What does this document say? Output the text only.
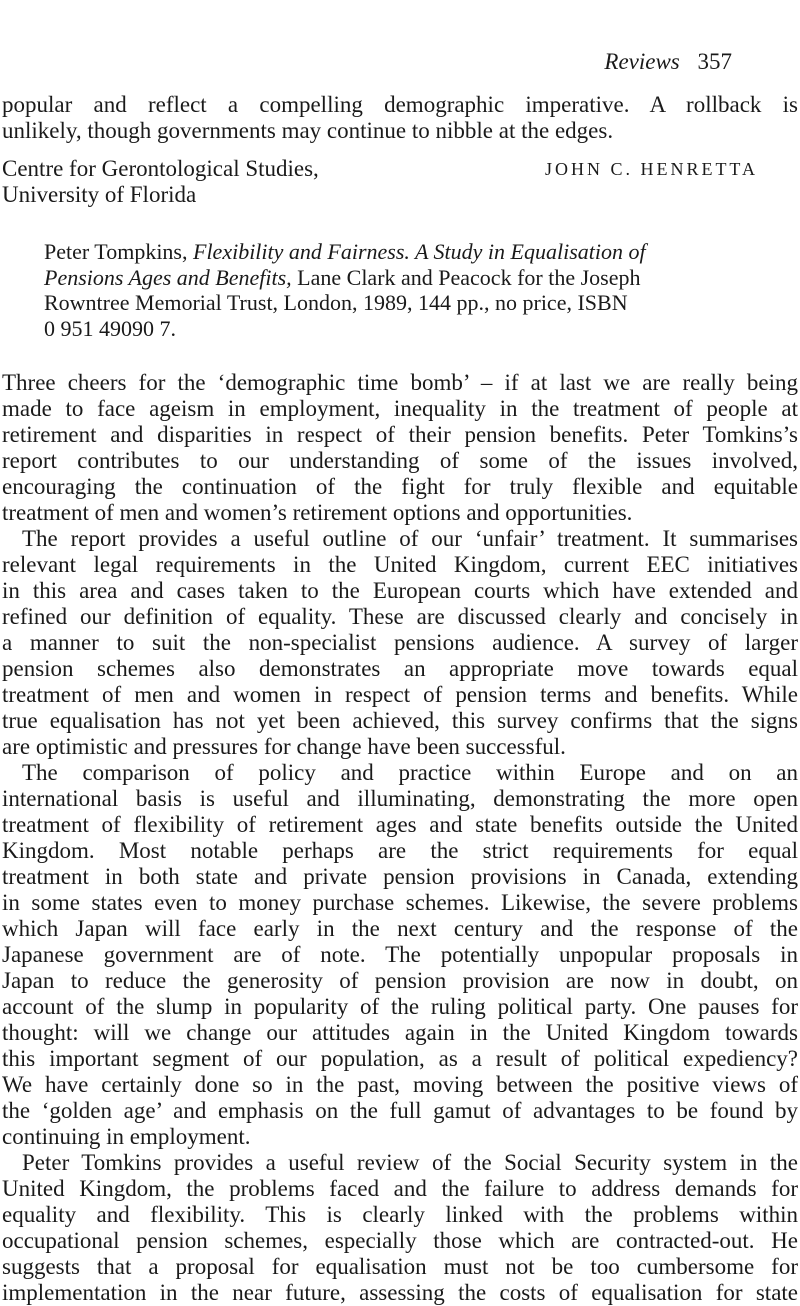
Reviews 357
popular and reflect a compelling demographic imperative. A rollback is
unlikely, though governments may continue to nibble at the edges.
Centre for Gerontological Studies,
University of Florida
JOHN C. HENRETTA
Peter Tompkins, Flexibility and Fairness. A Study in Equalisation of
Pensions Ages and Benefits, Lane Clark and Peacock for the Joseph
Rowntree Memorial Trust, London, 1989, 144 pp., no price, ISBN
0 951 49090 7.
Three cheers for the ‘demographic time bomb’ – if at last we are really being
made to face ageism in employment, inequality in the treatment of people at
retirement and disparities in respect of their pension benefits. Peter Tomkins’s
report contributes to our understanding of some of the issues involved,
encouraging the continuation of the fight for truly flexible and equitable
treatment of men and women’s retirement options and opportunities.
The report provides a useful outline of our ‘unfair’ treatment. It summarises
relevant legal requirements in the United Kingdom, current EEC initiatives
in this area and cases taken to the European courts which have extended and
refined our definition of equality. These are discussed clearly and concisely in
a manner to suit the non-specialist pensions audience. A survey of larger
pension schemes also demonstrates an appropriate move towards equal
treatment of men and women in respect of pension terms and benefits. While
true equalisation has not yet been achieved, this survey confirms that the signs
are optimistic and pressures for change have been successful.
The comparison of policy and practice within Europe and on an
international basis is useful and illuminating, demonstrating the more open
treatment of flexibility of retirement ages and state benefits outside the United
Kingdom. Most notable perhaps are the strict requirements for equal
treatment in both state and private pension provisions in Canada, extending
in some states even to money purchase schemes. Likewise, the severe problems
which Japan will face early in the next century and the response of the
Japanese government are of note. The potentially unpopular proposals in
Japan to reduce the generosity of pension provision are now in doubt, on
account of the slump in popularity of the ruling political party. One pauses for
thought: will we change our attitudes again in the United Kingdom towards
this important segment of our population, as a result of political expediency?
We have certainly done so in the past, moving between the positive views of
the ‘golden age’ and emphasis on the full gamut of advantages to be found by
continuing in employment.
Peter Tomkins provides a useful review of the Social Security system in the
United Kingdom, the problems faced and the failure to address demands for
equality and flexibility. This is clearly linked with the problems within
occupational pension schemes, especially those which are contracted-out. He
suggests that a proposal for equalisation must not be too cumbersome for
implementation in the near future, assessing the costs of equalisation for state
